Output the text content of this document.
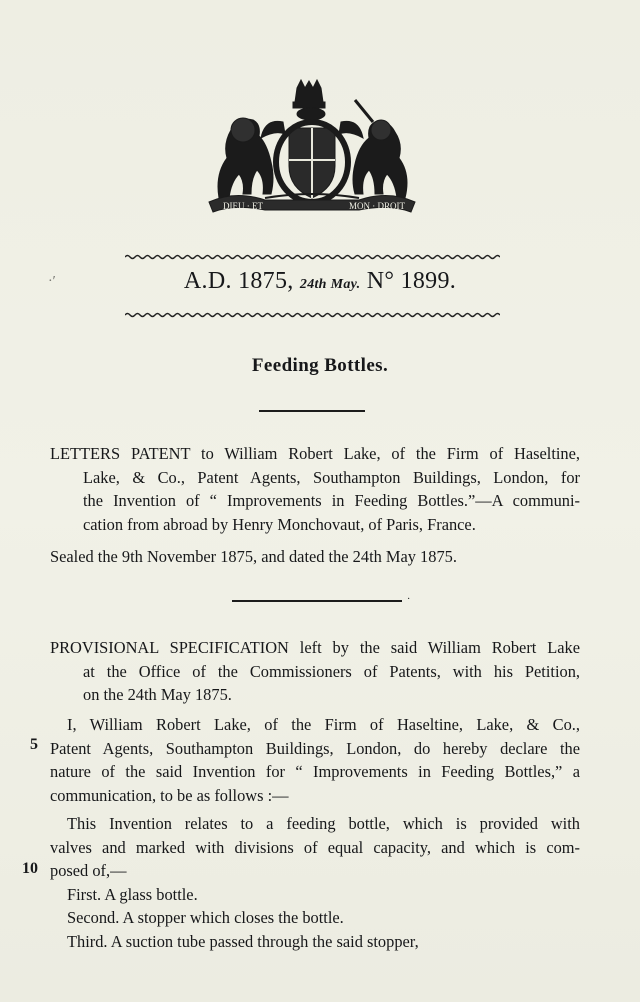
DIEU · ET	MON · DROIT
·′	A.D. 1875, 24th May. N° 1899.
Feeding Bottles.
LETTERS PATENT to William Robert Lake, of the Firm of Haseltine,
Lake, & Co., Patent Agents, Southampton Buildings, London, for
the Invention of “ Improvements in Feeding Bottles.”—A communi-
cation from abroad by Henry Monchovaut, of Paris, France.
Sealed the 9th November 1875, and dated the 24th May 1875.
·
PROVISIONAL SPECIFICATION left by the said William Robert Lake
at the Office of the Commissioners of Patents, with his Petition,
on the 24th May 1875.
I, William Robert Lake, of the Firm of Haseltine, Lake, & Co.,
Patent Agents, Southampton Buildings, London, do hereby declare the
nature of the said Invention for “ Improvements in Feeding Bottles,” a
communication, to be as follows :—
This Invention relates to a feeding bottle, which is provided with
valves and marked with divisions of equal capacity, and which is com-
posed of,—
First. A glass bottle.
Second. A stopper which closes the bottle.
Third. A suction tube passed through the said stopper,
5
10
